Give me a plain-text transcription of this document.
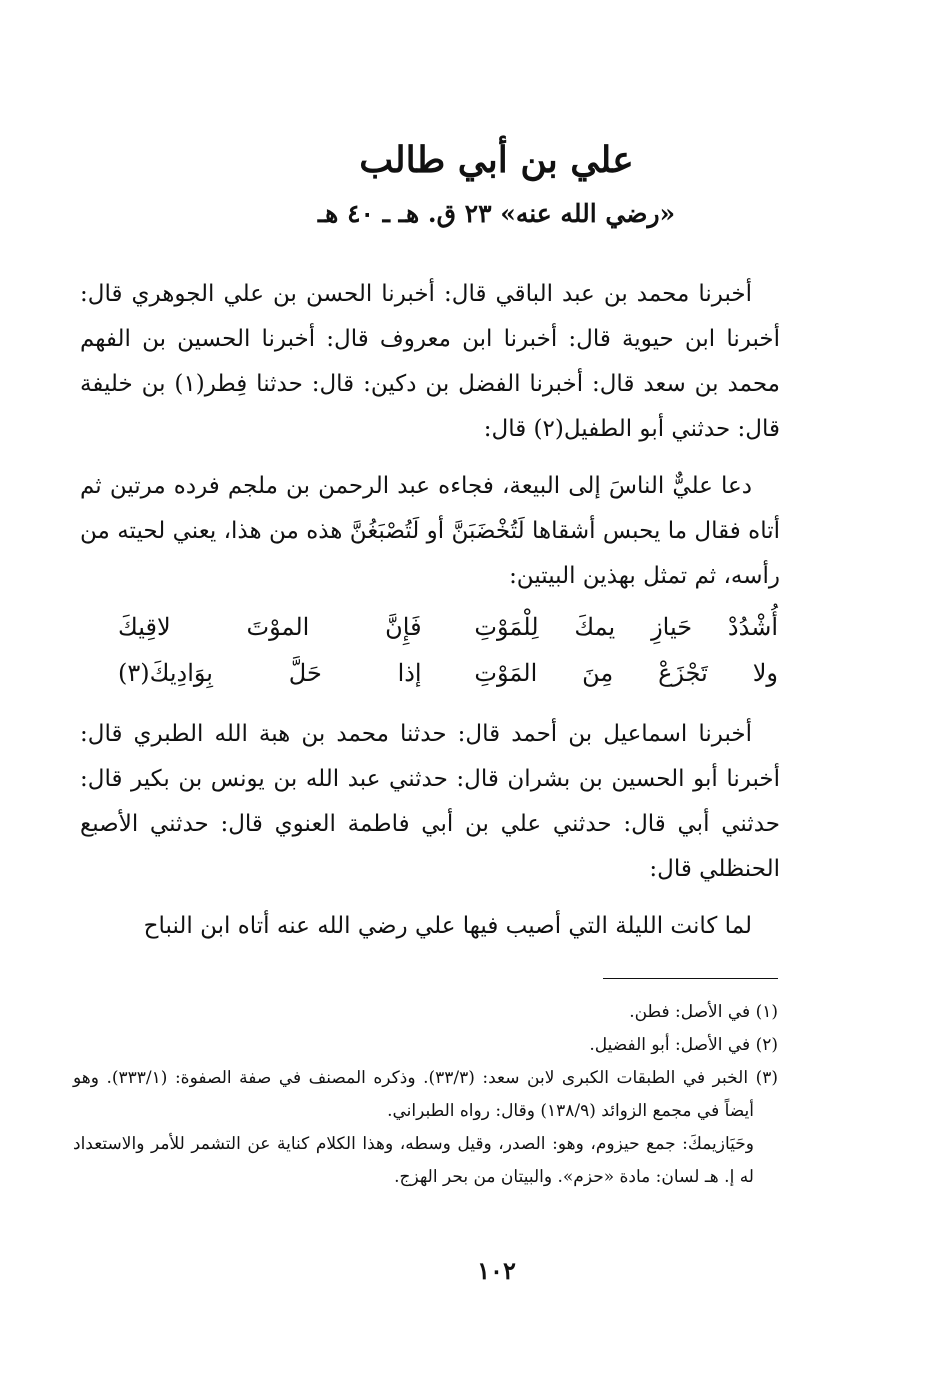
علي بن أبي طالب
«رضي الله عنه» ٢٣ ق. هـ ـ ٤٠ هـ

أخبرنا محمد بن عبد الباقي قال: أخبرنا الحسن بن علي الجوهري قال: أخبرنا ابن حيوية قال: أخبرنا ابن معروف قال: أخبرنا الحسين بن الفهم محمد بن سعد قال: أخبرنا الفضل بن دكين: قال: حدثنا فِطر(١) بن خليفة قال: حدثني أبو الطفيل(٢) قال:

دعا عليٌّ الناسَ إلى البيعة، فجاءه عبد الرحمن بن ملجم فرده مرتين ثم أتاه فقال ما يحبس أشقاها لَتُخْضَبَنَّ أو لَتُصْبَغُنَّ هذه من هذا، يعني لحيته من رأسه، ثم تمثل بهذين البيتين:

أُشْدُدْ حَيازِ يمكَ لِلْمَوْتِ
فَإِنَّ الموْتَ لاقِيكَ
ولا تَجْزَعْ مِنَ المَوْتِ
إذا حَلَّ بِوَادِيكَ(٣)

أخبرنا اسماعيل بن أحمد قال: حدثنا محمد بن هبة الله الطبري قال: أخبرنا أبو الحسين بن بشران قال: حدثني عبد الله بن يونس بن بكير قال: حدثني أبي قال: حدثني علي بن أبي فاطمة العنوي قال: حدثني الأصبع الحنظلي قال:

لما كانت الليلة التي أصيب فيها علي رضي الله عنه أتاه ابن النباح

(١) في الأصل: فطن.

(٢) في الأصل: أبو الفضيل.

(٣) الخبر في الطبقات الكبرى لابن سعد: (٣٣/٣). وذكره المصنف في صفة الصفوة: (٣٣٣/١). وهو أيضاً في مجمع الزوائد (١٣٨/٩) وقال: رواه الطبراني.

وحَيَازيمكَ: جمع حيزوم، وهو: الصدر، وقيل وسطه، وهذا الكلام كناية عن التشمر للأمر والاستعداد له إ. هـ لسان: مادة «حزم». والبيتان من بحر الهزج.

١٠٢
